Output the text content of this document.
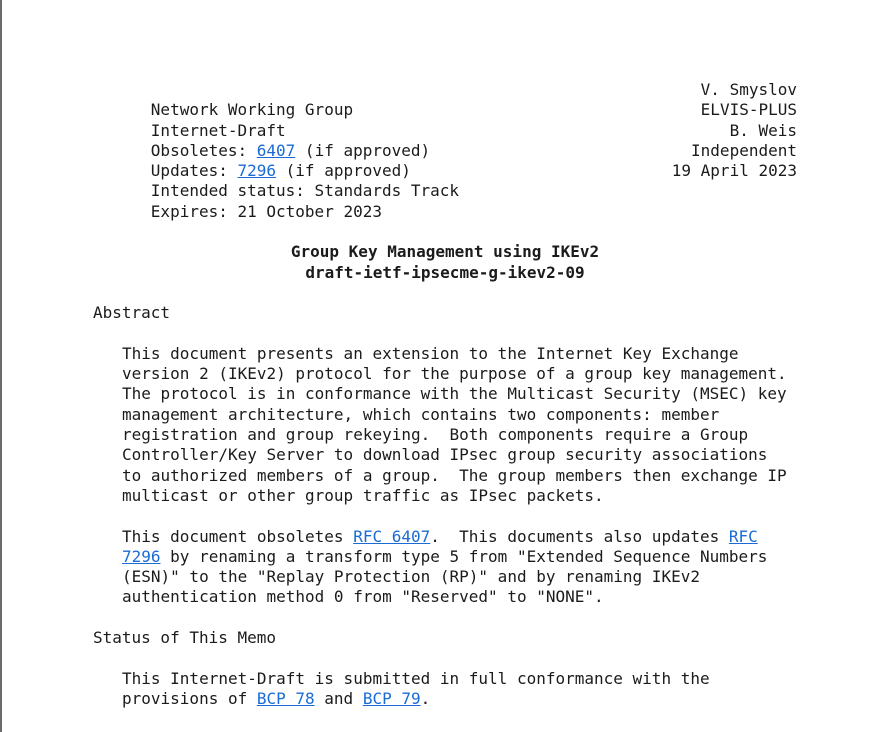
Network Working Group

V. Smyslov

Internet-Draft

ELVIS-PLUS

Obsoletes: 6407 (if approved)

B. Weis

Updates: 7296 (if approved)

Independent

Intended status: Standards Track

19 April 2023

Expires: 21 October 2023

Group Key Management using IKEv2
draft-ietf-ipsecme-g-ikev2-09
Abstract
This document presents an extension to the Internet Key Exchange
version 2 (IKEv2) protocol for the purpose of a group key management.
The protocol is in conformance with the Multicast Security (MSEC) key
management architecture, which contains two components: member
registration and group rekeying.  Both components require a Group
Controller/Key Server to download IPsec group security associations
to authorized members of a group.  The group members then exchange IP
multicast or other group traffic as IPsec packets.
This document obsoletes RFC 6407.  This documents also updates RFC
7296 by renaming a transform type 5 from "Extended Sequence Numbers
(ESN)" to the "Replay Protection (RP)" and by renaming IKEv2
authentication method 0 from "Reserved" to "NONE".
Status of This Memo
This Internet-Draft is submitted in full conformance with the
provisions of BCP 78 and BCP 79.
